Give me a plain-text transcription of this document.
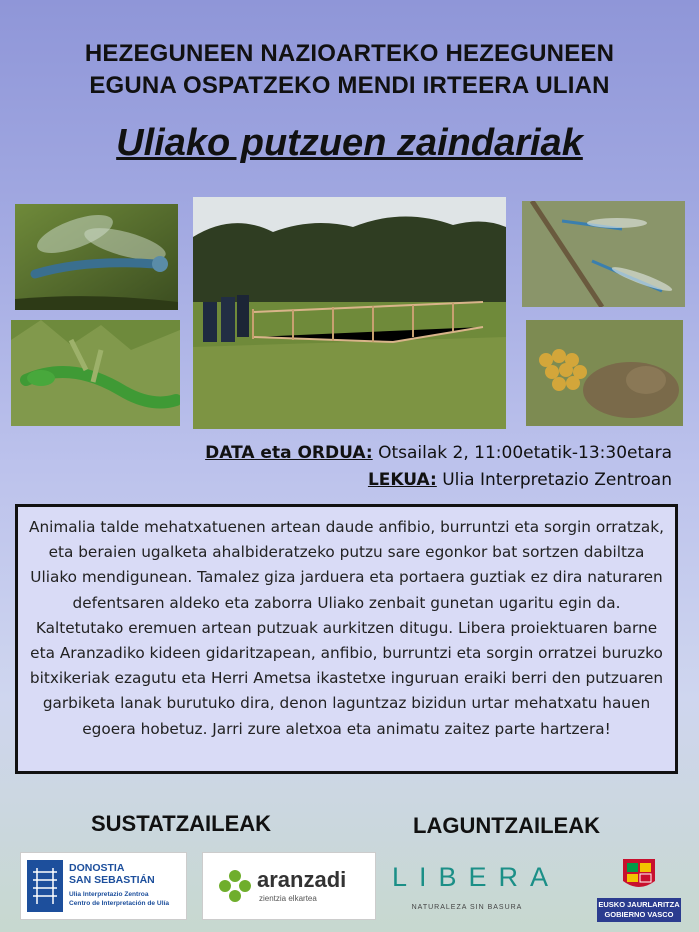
HEZEGUNEEN NAZIOARTEKO HEZEGUNEEN
EGUNA OSPATZEKO MENDI IRTEERA ULIAN
Uliako putzuen zaindariak
DATA eta ORDUA: Otsailak 2, 11:00etatik-13:30etara
LEKUA: Ulia Interpretazio Zentroan
Animalia talde mehatxatuenen artean daude anfibio, burruntzi eta sorgin orratzak, eta beraien ugalketa ahalbideratzeko putzu sare egonkor bat sortzen dabiltza Uliako mendigunean. Tamalez giza jarduera eta portaera guztiak ez dira naturaren defentsaren aldeko eta zaborra Uliako zenbait gunetan ugaritu egin da. Kaltetutako eremuen artean putzuak aurkitzen ditugu. Libera proiektuaren barne eta Aranzadiko kideen gidaritzapean, anfibio, burruntzi eta sorgin orratzei buruzko bitxikeriak ezagutu eta Herri Ametsa ikastetxe inguruan eraiki berri den putzuaren garbiketa lanak burutuko dira, denon laguntzaz bizidun urtar mehatxatu hauen egoera hobetuz. Jarri zure aletxoa eta animatu zaitez parte hartzera!
SUSTATZAILEAK	LAGUNTZAILEAK
DONOSTIA
SAN SEBASTIÁN
Ulia Interpretazio Zentroa
Centro de Interpretación de Ulía
aranzadi
zientzia elkartea
LIBERA
NATURALEZA SIN BASURA	EUSKO JAURLARITZA
GOBIERNO VASCO
